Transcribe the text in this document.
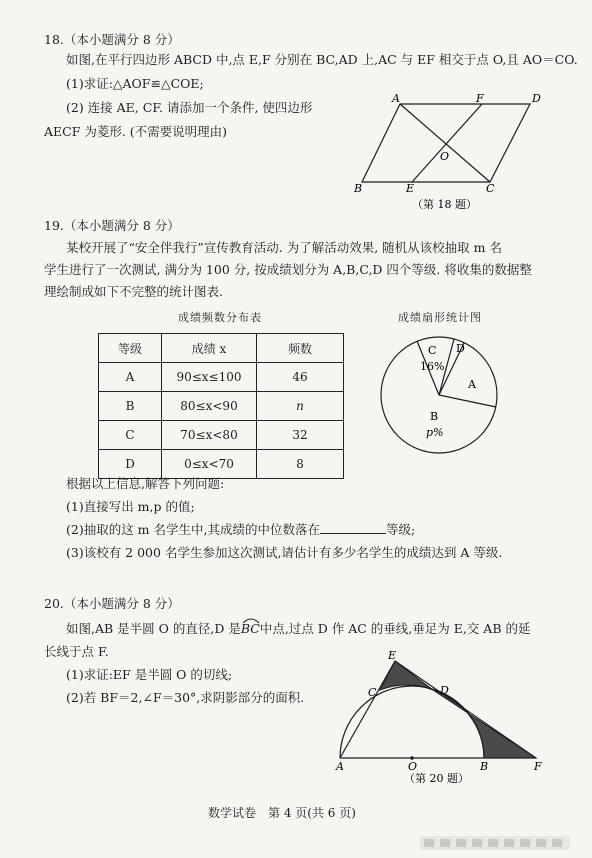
18.（本小题满分 8 分）
如图,在平行四边形 ABCD 中,点 E,F 分别在 BC,AD 上,AC 与 EF 相交于点 O,且 AO＝CO.
(1)求证:△AOF≌△COE;
(2) 连接 AE, CF. 请添加一个条件, 使四边形
AECF 为菱形. (不需要说明理由)
A	F	D
O
B	E	C
（第 18 题）
19.（本小题满分 8 分）
某校开展了“安全伴我行”宣传教育活动. 为了解活动效果, 随机从该校抽取 m 名
学生进行了一次测试, 满分为 100 分, 按成绩划分为 A,B,C,D 四个等级. 将收集的数据整
理绘制成如下不完整的统计图表.
成绩频数分布表	成绩扇形统计图
等级	成绩 x	频数
A	90≤x≤100	46
B	80≤x<90	n
C	70≤x<80	32
D	0≤x<70	8
C
16%
D
A
B
p%
根据以上信息,解答下列问题:
(1)直接写出 m,p 的值;
(2)抽取的这 m 名学生中,其成绩的中位数落在	等级;
(3)该校有 2 000 名学生参加这次测试,请估计有多少名学生的成绩达到 A 等级.
20.（本小题满分 8 分）
如图,AB 是半圆 O 的直径,D 是
BC中点,过点 D 作 AC 的垂线,垂足为 E,交 AB 的延
长线于点 F.
(1)求证:EF 是半圆 O 的切线;
(2)若 BF＝2,∠F＝30°,求阴影部分的面积.
E
C	D
A	O	B	F
（第 20 题）
数学试卷　第 4 页(共 6 页)
